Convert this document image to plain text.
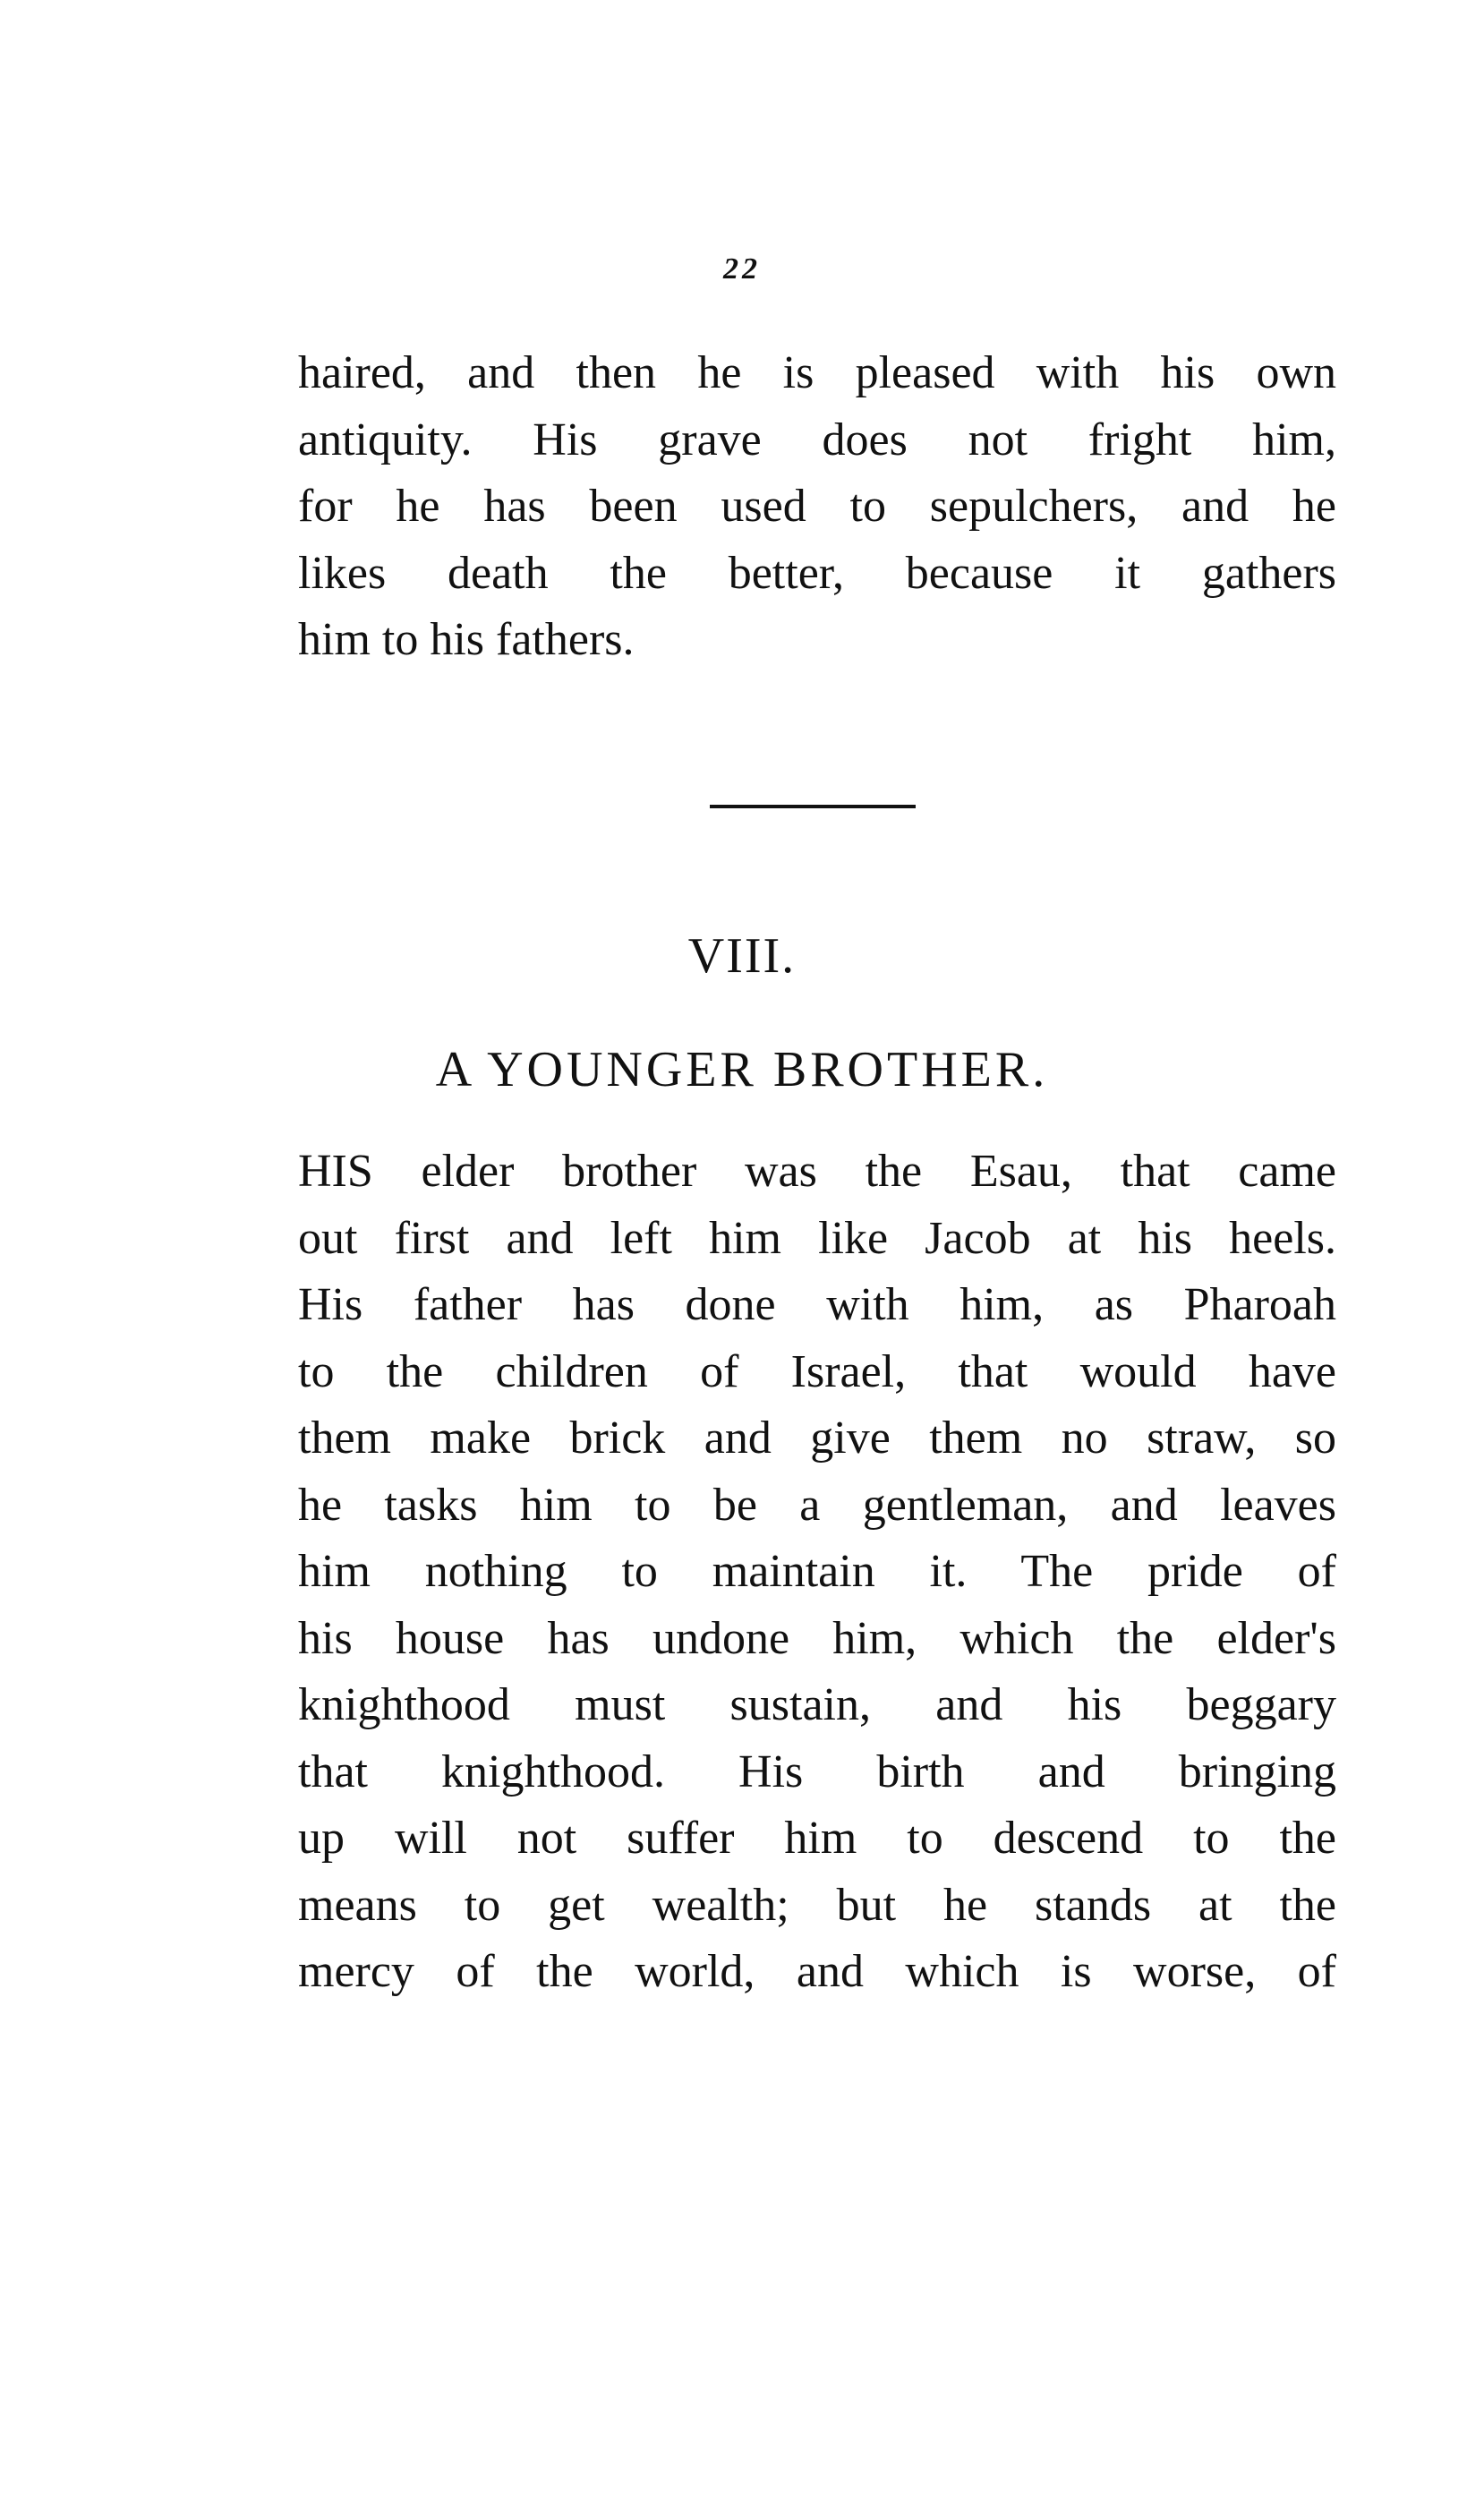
22
haired, and then he is pleased with his own
antiquity. His grave does not fright him,
for he has been used to sepulchers, and he
likes death the better, because it gathers
him to his fathers.
VIII.
A YOUNGER BROTHER.
HIS elder brother was the Esau, that came
out first and left him like Jacob at his heels.
His father has done with him, as Pharoah
to the children of Israel, that would have
them make brick and give them no straw, so
he tasks him to be a gentleman, and leaves
him nothing to maintain it. The pride of
his house has undone him, which the elder's
knighthood must sustain, and his beggary
that knighthood. His birth and bringing
up will not suffer him to descend to the
means to get wealth; but he stands at the
mercy of the world, and which is worse, of
